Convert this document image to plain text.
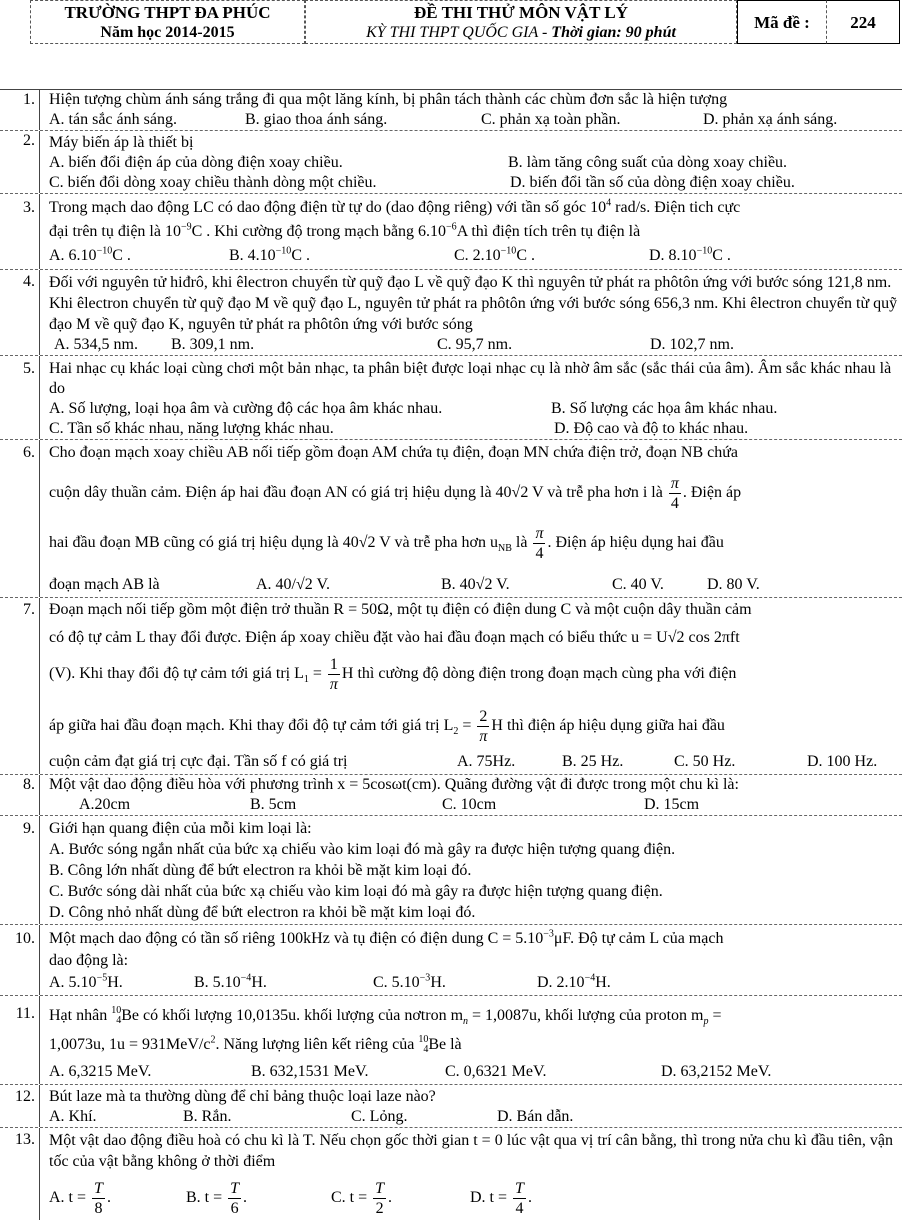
TRƯỜNG THPT ĐA PHÚC
Năm học 2014-2015
ĐỀ THI THỬ MÔN VẬT LÝ
KỲ THI THPT QUỐC GIA - Thời gian: 90 phút
Mã đề :	224
1. Hiện tượng chùm ánh sáng trắng đi qua một lăng kính, bị phân tách thành các chùm đơn sắc là hiện tượng
A. tán sắc ánh sáng.	B. giao thoa ánh sáng.	C. phản xạ toàn phần.	D. phản xạ ánh sáng.
2. Máy biến áp là thiết bị
A. biến đổi điện áp của dòng điện xoay chiều.	B. làm tăng công suất của dòng xoay chiều.
C. biến đổi dòng xoay chiều thành dòng một chiều.	D. biến đổi tần số của dòng điện xoay chiều.
3. Trong mạch dao động LC có dao động điện từ tự do (dao động riêng) với tần số góc $10^4$ rad/s. Điện tich cực
đại trên tụ điện là $10^{-9}C$ . Khi cường độ trong mạch bằng $6.10^{-6}A$ thì điện tích trên tụ điện là
A. $6.10^{-10}C$ .	B. $4.10^{-10}C$ .	C. $2.10^{-10}C$ .	D. $8.10^{-10}C$ .
4. Đối với nguyên tử hiđrô, khi êlectron chuyển từ quỹ đạo L về quỹ đạo K thì nguyên tử phát ra phôtôn ứng với bước sóng 121,8 nm. Khi êlectron chuyển từ quỹ đạo M về quỹ đạo L, nguyên tử phát ra phôtôn ứng với bước sóng 656,3 nm. Khi êlectron chuyển từ quỹ đạo M về quỹ đạo K, nguyên tử phát ra phôtôn ứng với bước sóng
A. 534,5 nm. B. 309,1 nm.	C. 95,7 nm.	D. 102,7 nm.
5. Hai nhạc cụ khác loại cùng chơi một bản nhạc, ta phân biệt được loại nhạc cụ là nhờ âm sắc (sắc thái của âm). Âm sắc khác nhau là do
A. Số lượng, loại họa âm và cường độ các họa âm khác nhau.	B. Số lượng các họa âm khác nhau.
C. Tần số khác nhau, năng lượng khác nhau.	D. Độ cao và độ to khác nhau.
6. Cho đoạn mạch xoay chiều AB nối tiếp gồm đoạn AM chứa tụ điện, đoạn MN chứa điện trở, đoạn NB chứa
cuộn dây thuần cảm. Điện áp hai đầu đoạn AN có giá trị hiệu dụng là 40√2 V và trễ pha hơn i là $\frac{\pi}{4}$ . Điện áp
hai đầu đoạn MB cũng có giá trị hiệu dụng là 40√2 V và trễ pha hơn $u_{NB}$ là $\frac{\pi}{4}$ . Điện áp hiệu dụng hai đầu
đoạn mạch AB là	A. 40/√2 V.	B. 40√2 V.	C. 40 V.	D. 80 V.
7. Đoạn mạch nối tiếp gồm một điện trở thuần R = 50Ω, một tụ điện có điện dung C và một cuộn dây thuần cảm
có độ tự cảm L thay đổi được. Điện áp xoay chiều đặt vào hai đầu đoạn mạch có biểu thức u = U√2 cos 2πft
(V). Khi thay đổi độ tự cảm tới giá trị $L_1 = \frac{1}{\pi}$ H thì cường độ dòng điện trong đoạn mạch cùng pha với điện
áp giữa hai đầu đoạn mạch. Khi thay đổi độ tự cảm tới giá trị $L_2 = \frac{2}{\pi}$ H thì điện áp hiệu dụng giữa hai đầu
cuộn cảm đạt giá trị cực đại. Tần số f có giá trị	A. 75Hz.	B. 25 Hz.	C. 50 Hz.	D. 100 Hz.
8. Một vật dao động điều hòa với phương trình x = 5cosωt(cm). Quãng đường vật đi được trong một chu kì là:
A.20cm	B. 5cm	C. 10cm	D. 15cm
9. Giới hạn quang điện của mỗi kim loại là:
A. Bước sóng ngắn nhất của bức xạ chiếu vào kim loại đó mà gây ra được hiện tượng quang điện.
B. Công lớn nhất dùng để bứt electron ra khỏi bề mặt kim loại đó.
C. Bước sóng dài nhất của bức xạ chiếu vào kim loại đó mà gây ra được hiện tượng quang điện.
D. Công nhỏ nhất dùng để bứt electron ra khỏi bề mặt kim loại đó.
10. Một mạch dao động có tần số riêng 100kHz và tụ điện có điện dung $C = 5.10^{-3}\mu F$. Độ tự cảm L của mạch
dao động là:
A. $5.10^{-5}H$.	B. $5.10^{-4}H$.	C. $5.10^{-3}H$.	D. $2.10^{-4}H$.
11. Hạt nhân 10
4 Be có khối lượng 10,0135u. khối lượng của nơtron $m_n = 1,0087u$, khối lượng của proton $m_p$ =
1,0073u, $1u = 931MeV/c^2$. Năng lượng liên kết riêng của 10
4 Be là
A. 6,3215 MeV.	B. 632,1531 MeV.	C. 0,6321 MeV.	D. 63,2152 MeV.
12. Bút laze mà ta thường dùng để chỉ bảng thuộc loại laze nào?
A. Khí.	B. Rắn.	C. Lỏng.	D. Bán dẫn.
13. Một vật dao động điều hoà có chu kì là T. Nếu chọn gốc thời gian t = 0 lúc vật qua vị trí cân bằng, thì trong nửa chu kì đầu tiên, vận tốc của vật bằng không ở thời điểm
A. $t = \frac{T}{8}$ .	B. $t = \frac{T}{6}$ .	C. $t = \frac{T}{2}$ .	D. $t = \frac{T}{4}$ .
